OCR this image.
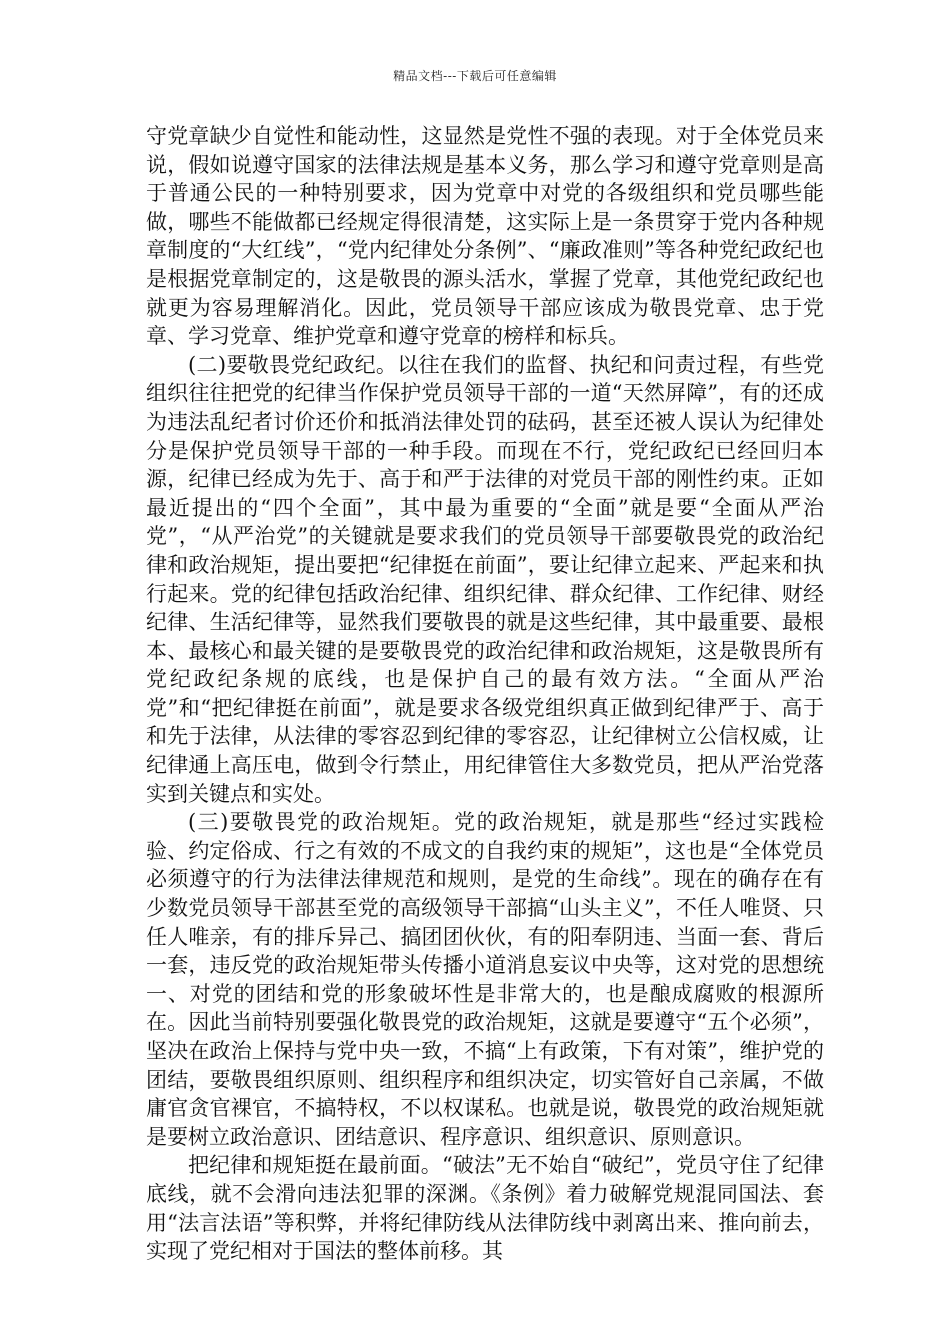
精品文档---下载后可任意编辑

守党章缺少自觉性和能动性，这显然是党性不强的表现。对于全体党员来说，假如说遵守国家的法律法规是基本义务，那么学习和遵守党章则是高于普通公民的一种特别要求，因为党章中对党的各级组织和党员哪些能做，哪些不能做都已经规定得很清楚，这实际上是一条贯穿于党内各种规章制度的“大红线”，“党内纪律处分条例”、“廉政准则”等各种党纪政纪也是根据党章制定的，这是敬畏的源头活水，掌握了党章，其他党纪政纪也就更为容易理解消化。因此，党员领导干部应该成为敬畏党章、忠于党章、学习党章、维护党章和遵守党章的榜样和标兵。

(二)要敬畏党纪政纪。以往在我们的监督、执纪和问责过程，有些党组织往往把党的纪律当作保护党员领导干部的一道“天然屏障”，有的还成为违法乱纪者讨价还价和抵消法律处罚的砝码，甚至还被人误认为纪律处分是保护党员领导干部的一种手段。而现在不行，党纪政纪已经回归本源，纪律已经成为先于、高于和严于法律的对党员干部的刚性约束。正如最近提出的“四个全面”，其中最为重要的“全面”就是要“全面从严治党”，“从严治党”的关键就是要求我们的党员领导干部要敬畏党的政治纪律和政治规矩，提出要把“纪律挺在前面”，要让纪律立起来、严起来和执行起来。党的纪律包括政治纪律、组织纪律、群众纪律、工作纪律、财经纪律、生活纪律等，显然我们要敬畏的就是这些纪律，其中最重要、最根本、最核心和最关键的是要敬畏党的政治纪律和政治规矩，这是敬畏所有党纪政纪条规的底线，也是保护自己的最有效方法。“全面从严治党”和“把纪律挺在前面”，就是要求各级党组织真正做到纪律严于、高于和先于法律，从法律的零容忍到纪律的零容忍，让纪律树立公信权威，让纪律通上高压电，做到令行禁止，用纪律管住大多数党员，把从严治党落实到关键点和实处。

(三)要敬畏党的政治规矩。党的政治规矩，就是那些“经过实践检验、约定俗成、行之有效的不成文的自我约束的规矩”，这也是“全体党员必须遵守的行为法律法律规范和规则，是党的生命线”。现在的确存在有少数党员领导干部甚至党的高级领导干部搞“山头主义”，不任人唯贤、只任人唯亲，有的排斥异己、搞团团伙伙，有的阳奉阴违、当面一套、背后一套，违反党的政治规矩带头传播小道消息妄议中央等，这对党的思想统一、对党的团结和党的形象破坏性是非常大的，也是酿成腐败的根源所在。因此当前特别要强化敬畏党的政治规矩，这就是要遵守“五个必须”，坚决在政治上保持与党中央一致，不搞“上有政策，下有对策”，维护党的团结，要敬畏组织原则、组织程序和组织决定，切实管好自己亲属，不做庸官贪官裸官，不搞特权，不以权谋私。也就是说，敬畏党的政治规矩就是要树立政治意识、团结意识、程序意识、组织意识、原则意识。

把纪律和规矩挺在最前面。“破法”无不始自“破纪”，党员守住了纪律底线，就不会滑向违法犯罪的深渊。《条例》着力破解党规混同国法、套用“法言法语”等积弊，并将纪律防线从法律防线中剥离出来、推向前去，实现了党纪相对于国法的整体前移。其
